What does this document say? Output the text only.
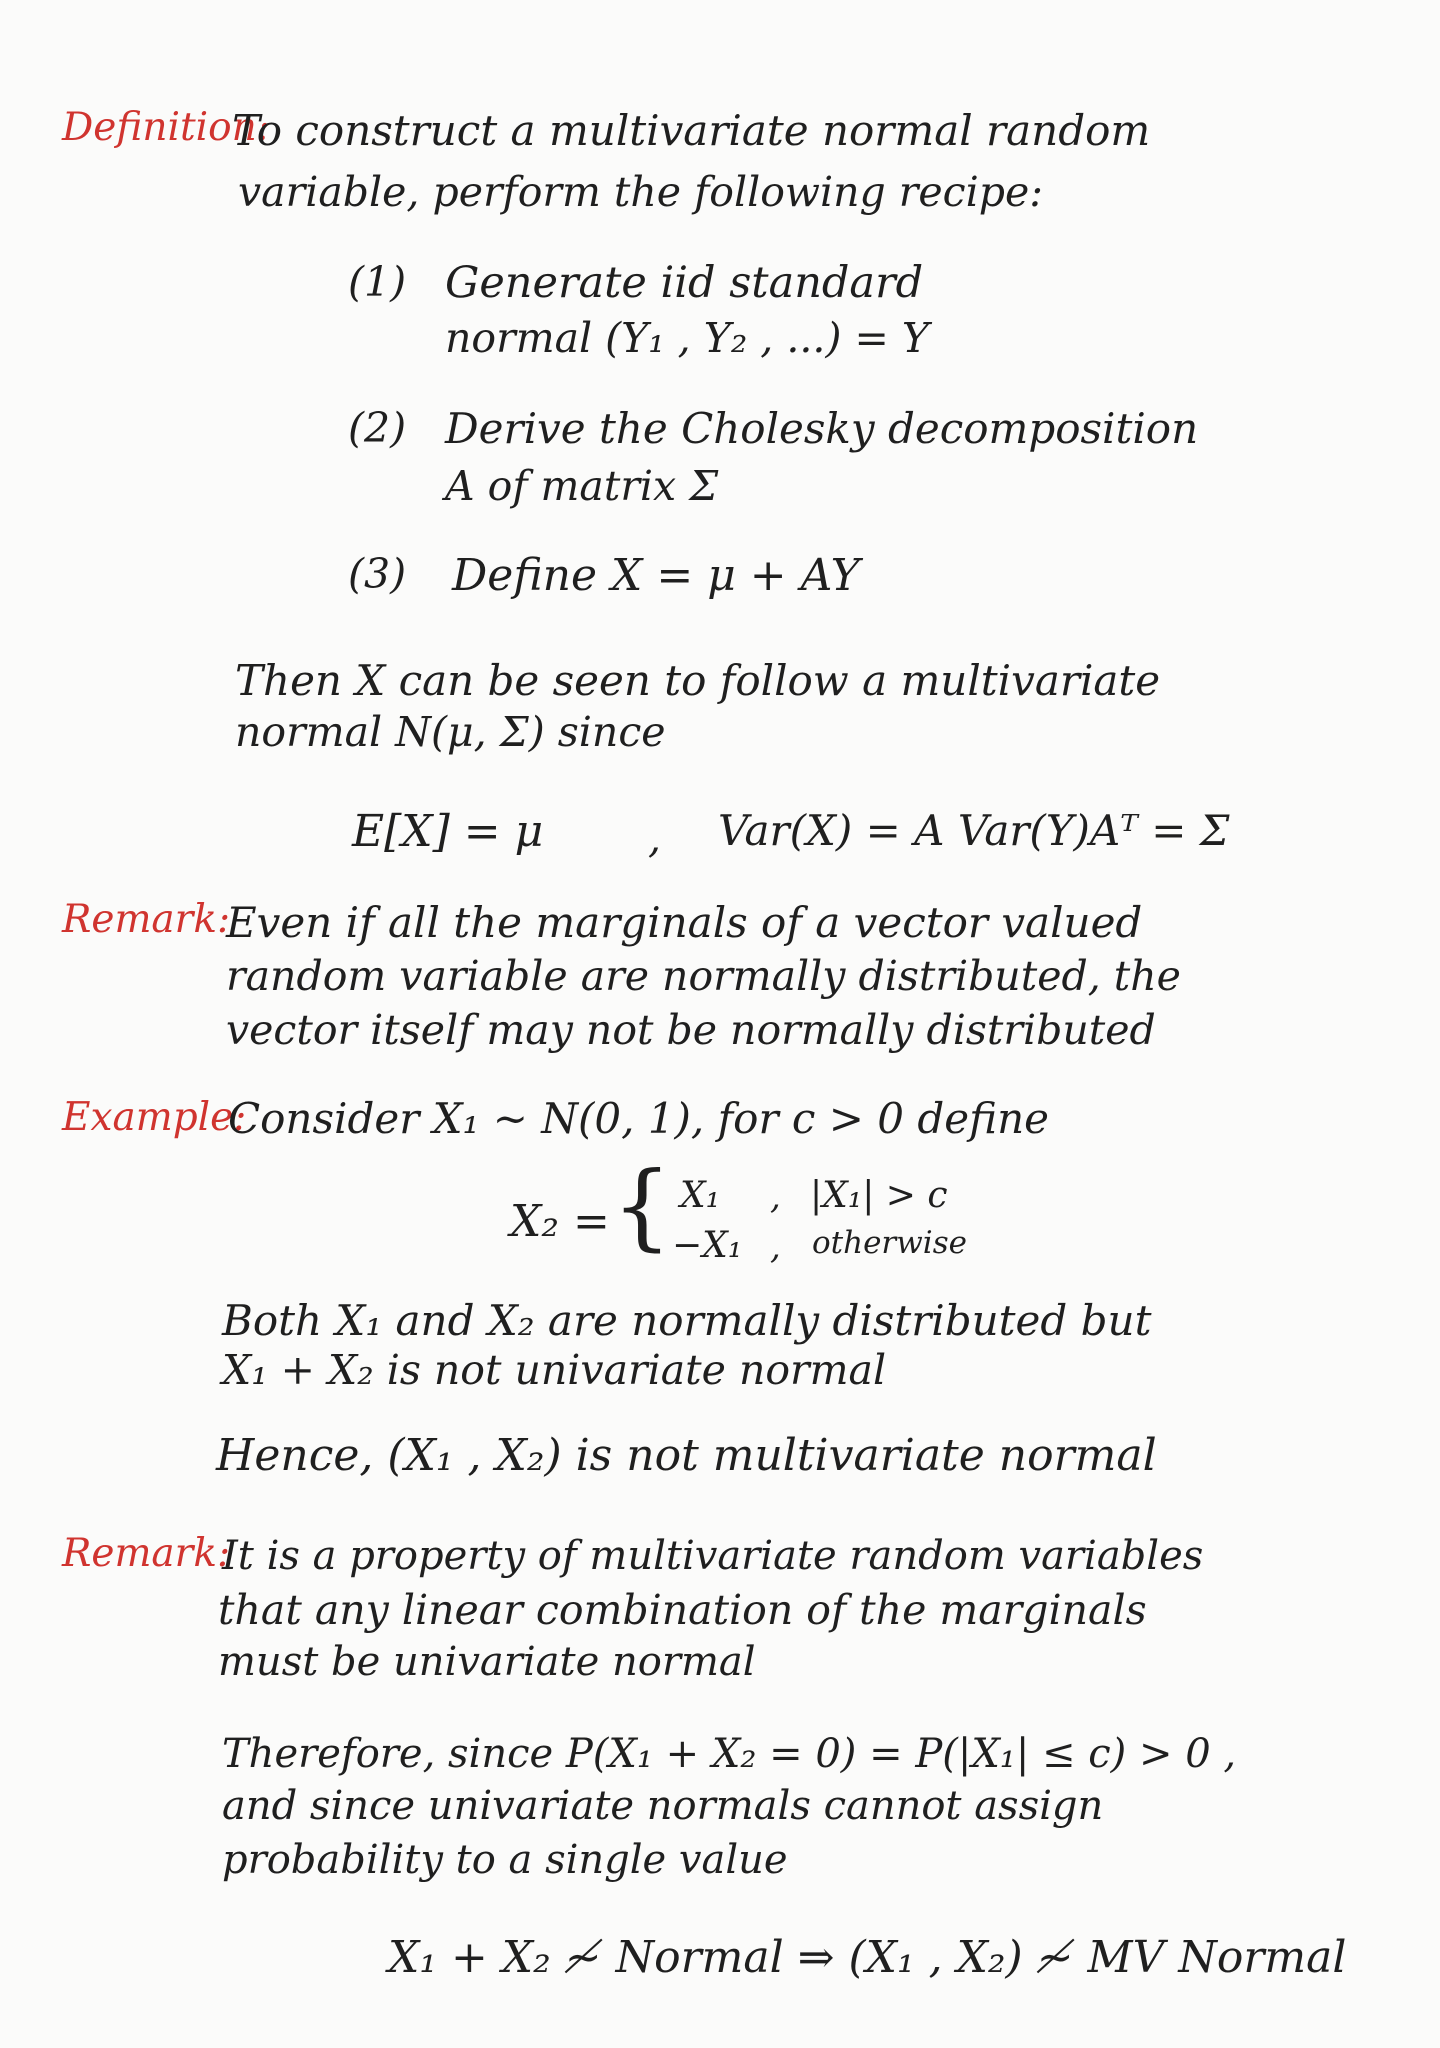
Definition:
To construct a multivariate normal random
variable, perform the following recipe:
(1) Generate iid standard
normal (Y₁ , Y₂ , ...) = Y
(2) Derive the Cholesky decomposition
A of matrix Σ
(3) Define X = μ + AY
Then X can be seen to follow a multivariate
normal N(μ, Σ) since
E[X] = μ	, Var(X) = A Var(Y)Aᵀ = Σ
Remark:
Even if all the marginals of a vector valued
random variable are normally distributed, the
vector itself may not be normally distributed
Example:
Consider X₁ ~ N(0, 1), for c > 0 define
X₂ = { X₁ , |X₁| > c
−X₁ , otherwise
Both X₁ and X₂ are normally distributed but
X₁ + X₂ is not univariate normal
Hence, (X₁ , X₂) is not multivariate normal
Remark:
It is a property of multivariate random variables
that any linear combination of the marginals
must be univariate normal
Therefore, since P(X₁ + X₂ = 0) = P(|X₁| ≤ c) > 0 ,
and since univariate normals cannot assign
probability to a single value
X₁ + X₂ ≁ Normal ⇒ (X₁ , X₂) ≁ MV Normal
